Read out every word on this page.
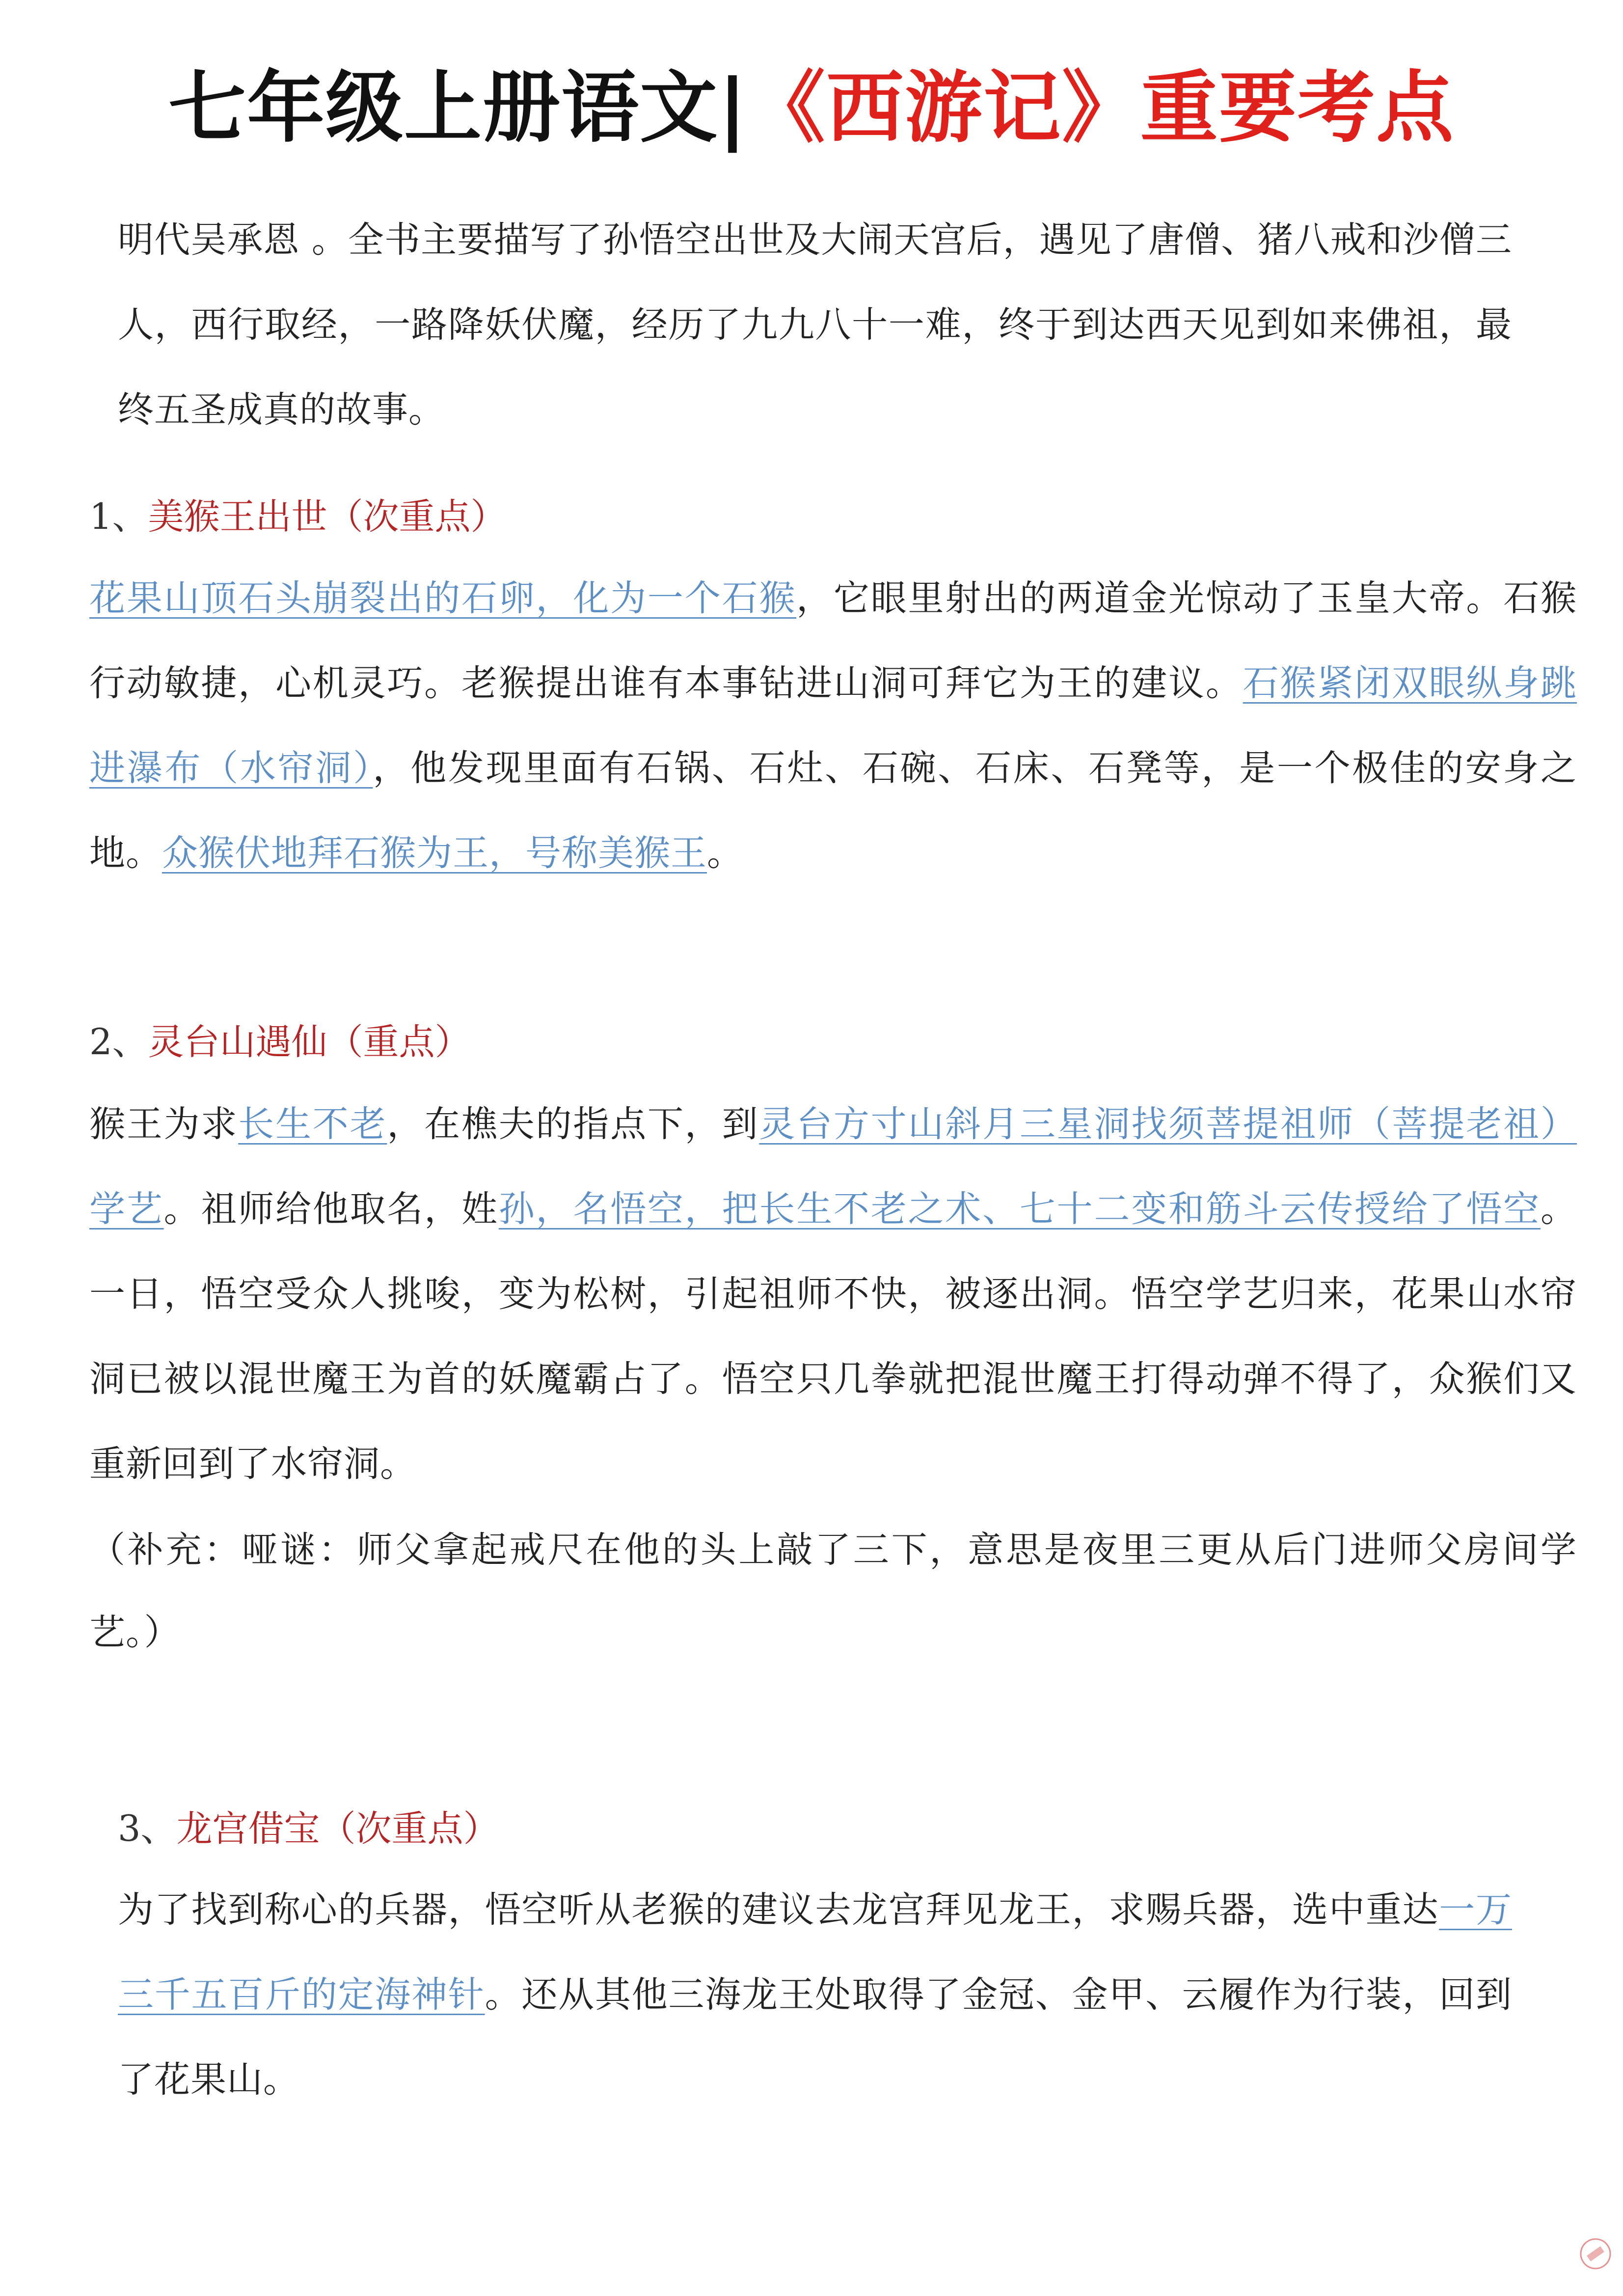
七年级上册语文|《西游记》重要考点
明代吴承恩 。全书主要描写了孙悟空出世及大闹天宫后，遇见了唐僧、猪八戒和沙僧三人，西行取经，一路降妖伏魔，经历了九九八十一难，终于到达西天见到如来佛祖，最终五圣成真的故事。
1、美猴王出世（次重点）
花果山顶石头崩裂出的石卵，化为一个石猴，它眼里射出的两道金光惊动了玉皇大帝。石猴行动敏捷，心机灵巧。老猴提出谁有本事钻进山洞可拜它为王的建议。石猴紧闭双眼纵身跳进瀑布（水帘洞），他发现里面有石锅、石灶、石碗、石床、石凳等，是一个极佳的安身之地。众猴伏地拜石猴为王，号称美猴王。
2、灵台山遇仙（重点）
猴王为求长生不老，在樵夫的指点下，到灵台方寸山斜月三星洞找须菩提祖师（菩提老祖）学艺。祖师给他取名，姓孙，名悟空，把长生不老之术、七十二变和筋斗云传授给了悟空。一日，悟空受众人挑唆，变为松树，引起祖师不快，被逐出洞。悟空学艺归来，花果山水帘洞已被以混世魔王为首的妖魔霸占了。悟空只几拳就把混世魔王打得动弹不得了，众猴们又重新回到了水帘洞。
（补充：哑谜：师父拿起戒尺在他的头上敲了三下，意思是夜里三更从后门进师父房间学艺。）
3、龙宫借宝（次重点）
为了找到称心的兵器，悟空听从老猴的建议去龙宫拜见龙王，求赐兵器，选中重达一万三千五百斤的定海神针。还从其他三海龙王处取得了金冠、金甲、云履作为行装，回到了花果山。
